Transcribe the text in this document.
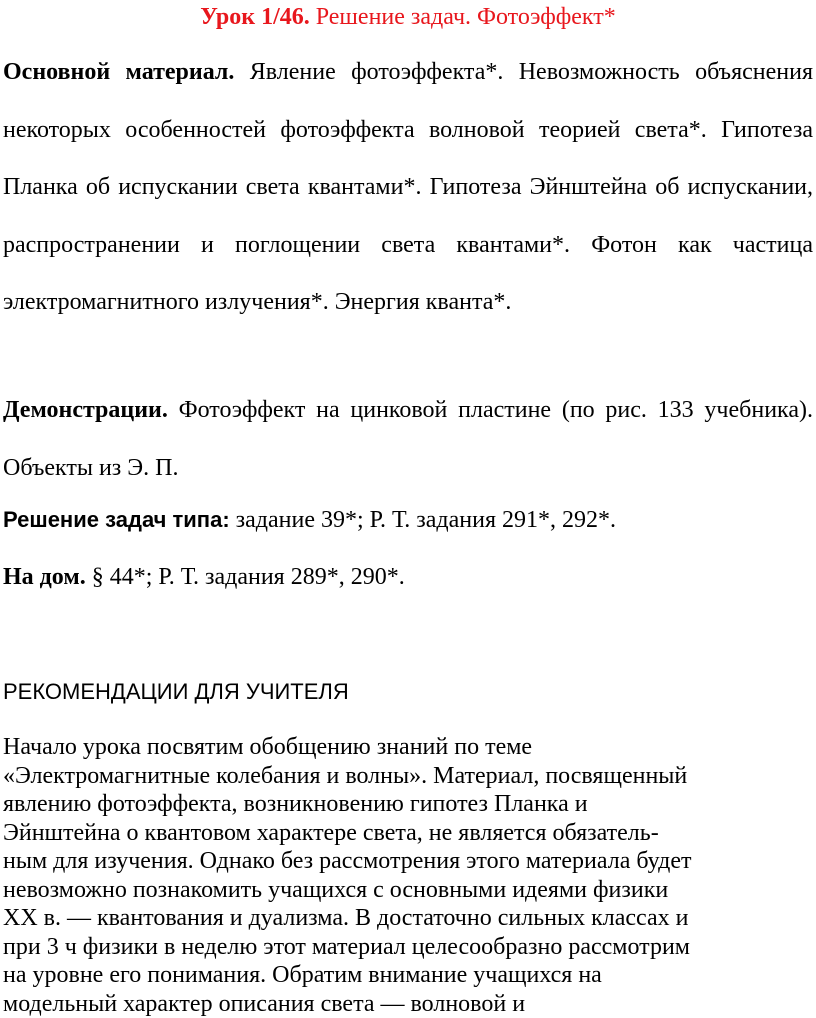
Урок 1/46. Решение задач. Фотоэффект*

Основной материал. Явление фотоэффекта*. Невозможность объяснения некоторых особенностей фотоэффекта волновой теорией света*. Гипотеза Планка об испускании света квантами*. Гипотеза Эйнштейна об испускании, распространении и поглощении света квантами*. Фотон как частица электромагнитного излучения*. Энергия кванта*.

Демонстрации. Фотоэффект на цинковой пластине (по рис. 133 учебника). Объекты из Э. П.

Решение задач типа: задание 39*; Р. Т. задания 291*, 292*.

На дом. § 44*; Р. Т. задания 289*, 290*.

РЕКОМЕНДАЦИИ ДЛЯ УЧИТЕЛЯ

Начало урока посвятим обобщению знаний по теме
«Электромагнитные колебания и волны». Материал, посвященный
явлению фотоэффекта, возникновению гипотез Планка и
Эйнштейна о квантовом характере света, не является обязатель-
ным для изучения. Однако без рассмотрения этого материала будет
невозможно познакомить учащихся с основными идеями физики
XX в. — квантования и дуализма. В достаточно сильных классах и
при 3 ч физики в неделю этот материал целесообразно рассмотрим
на уровне его понимания. Обратим внимание учащихся на
модельный характер описания света — волновой и
